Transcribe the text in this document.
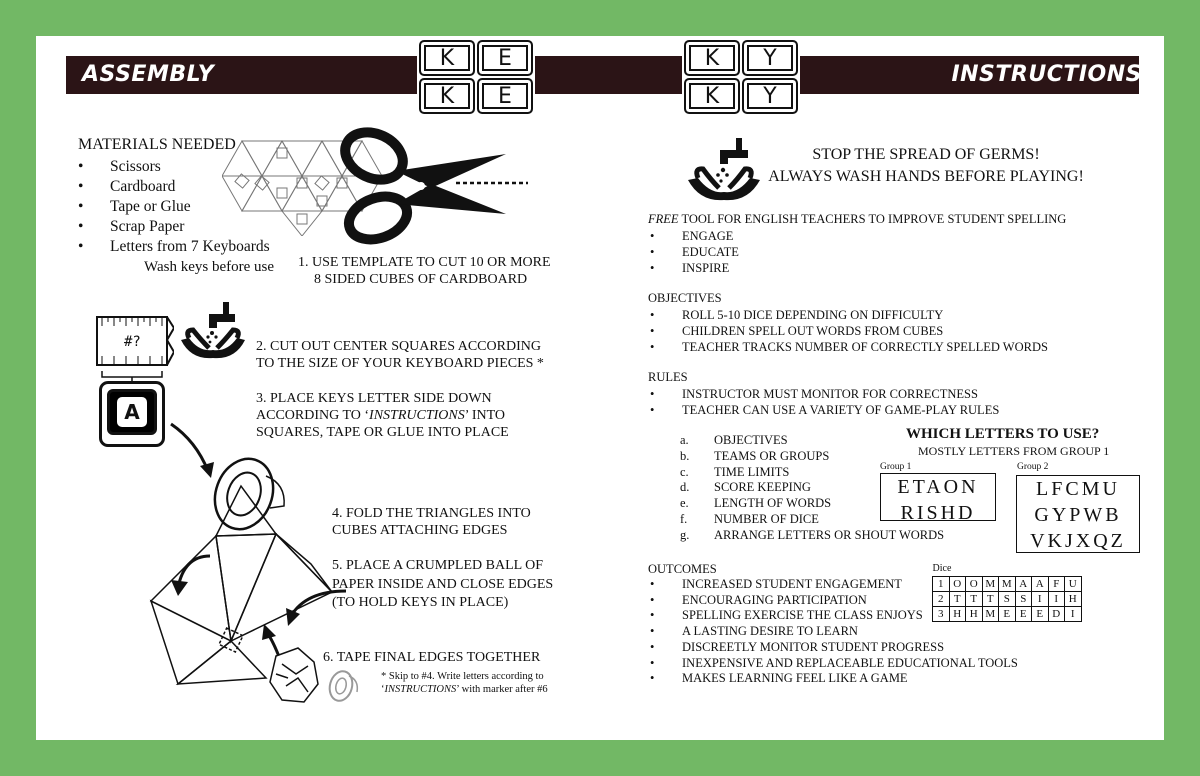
ASSEMBLY	INSTRUCTIONS
K	E
K	E
K	Y
K	Y
MATERIALS NEEDED
• Scissors
• Cardboard
• Tape or Glue
• Scrap Paper
• Letters from 7 Keyboards
Wash keys before use 1. USE TEMPLATE TO CUT 10 OR MORE
8 SIDED CUBES OF CARDBOARD
#?	2. CUT OUT CENTER SQUARES ACCORDING
TO THE SIZE OF YOUR KEYBOARD PIECES *
A
3. PLACE KEYS LETTER SIDE DOWN
ACCORDING TO ‘INSTRUCTIONS’ INTO
SQUARES, TAPE OR GLUE INTO PLACE
4. FOLD THE TRIANGLES INTO
CUBES ATTACHING EDGES
5. PLACE A CRUMPLED BALL OF
PAPER INSIDE AND CLOSE EDGES
(TO HOLD KEYS IN PLACE)
6. TAPE FINAL EDGES TOGETHER
* Skip to #4. Write letters according to
‘INSTRUCTIONS’ with marker after #6
STOP THE SPREAD OF GERMS!
ALWAYS WASH HANDS BEFORE PLAYING!
FREE TOOL FOR ENGLISH TEACHERS TO IMPROVE STUDENT SPELLING
• ENGAGE
• EDUCATE
• INSPIRE
OBJECTIVES
• ROLL 5-10 DICE DEPENDING ON DIFFICULTY
• CHILDREN SPELL OUT WORDS FROM CUBES
• TEACHER TRACKS NUMBER OF CORRECTLY SPELLED WORDS
RULES
• INSTRUCTOR MUST MONITOR FOR CORRECTNESS
• TEACHER CAN USE A VARIETY OF GAME-PLAY RULES
a. OBJECTIVES
b. TEAMS OR GROUPS
c. TIME LIMITS
d. SCORE KEEPING
e. LENGTH OF WORDS
f. NUMBER OF DICE
g. ARRANGE LETTERS OR SHOUT WORDS
WHICH LETTERS TO USE?
MOSTLY LETTERS FROM GROUP 1
Group 1
ETAON
RISHD
Group 2
LFCMU
GYPWB
VKJXQZ
OUTCOMES
• INCREASED STUDENT ENGAGEMENT
• ENCOURAGING PARTICIPATION
• SPELLING EXERCISE THE CLASS ENJOYS
• A LASTING DESIRE TO LEARN
• DISCREETLY MONITOR STUDENT PROGRESS
• INEXPENSIVE AND REPLACEABLE EDUCATIONAL TOOLS
• MAKES LEARNING FEEL LIKE A GAME
Dice								
1	O	O	M	M	A	A	F	U
2	T	T	T	S	S	I	I	H
3	H	H	M	E	E	E	D	I
